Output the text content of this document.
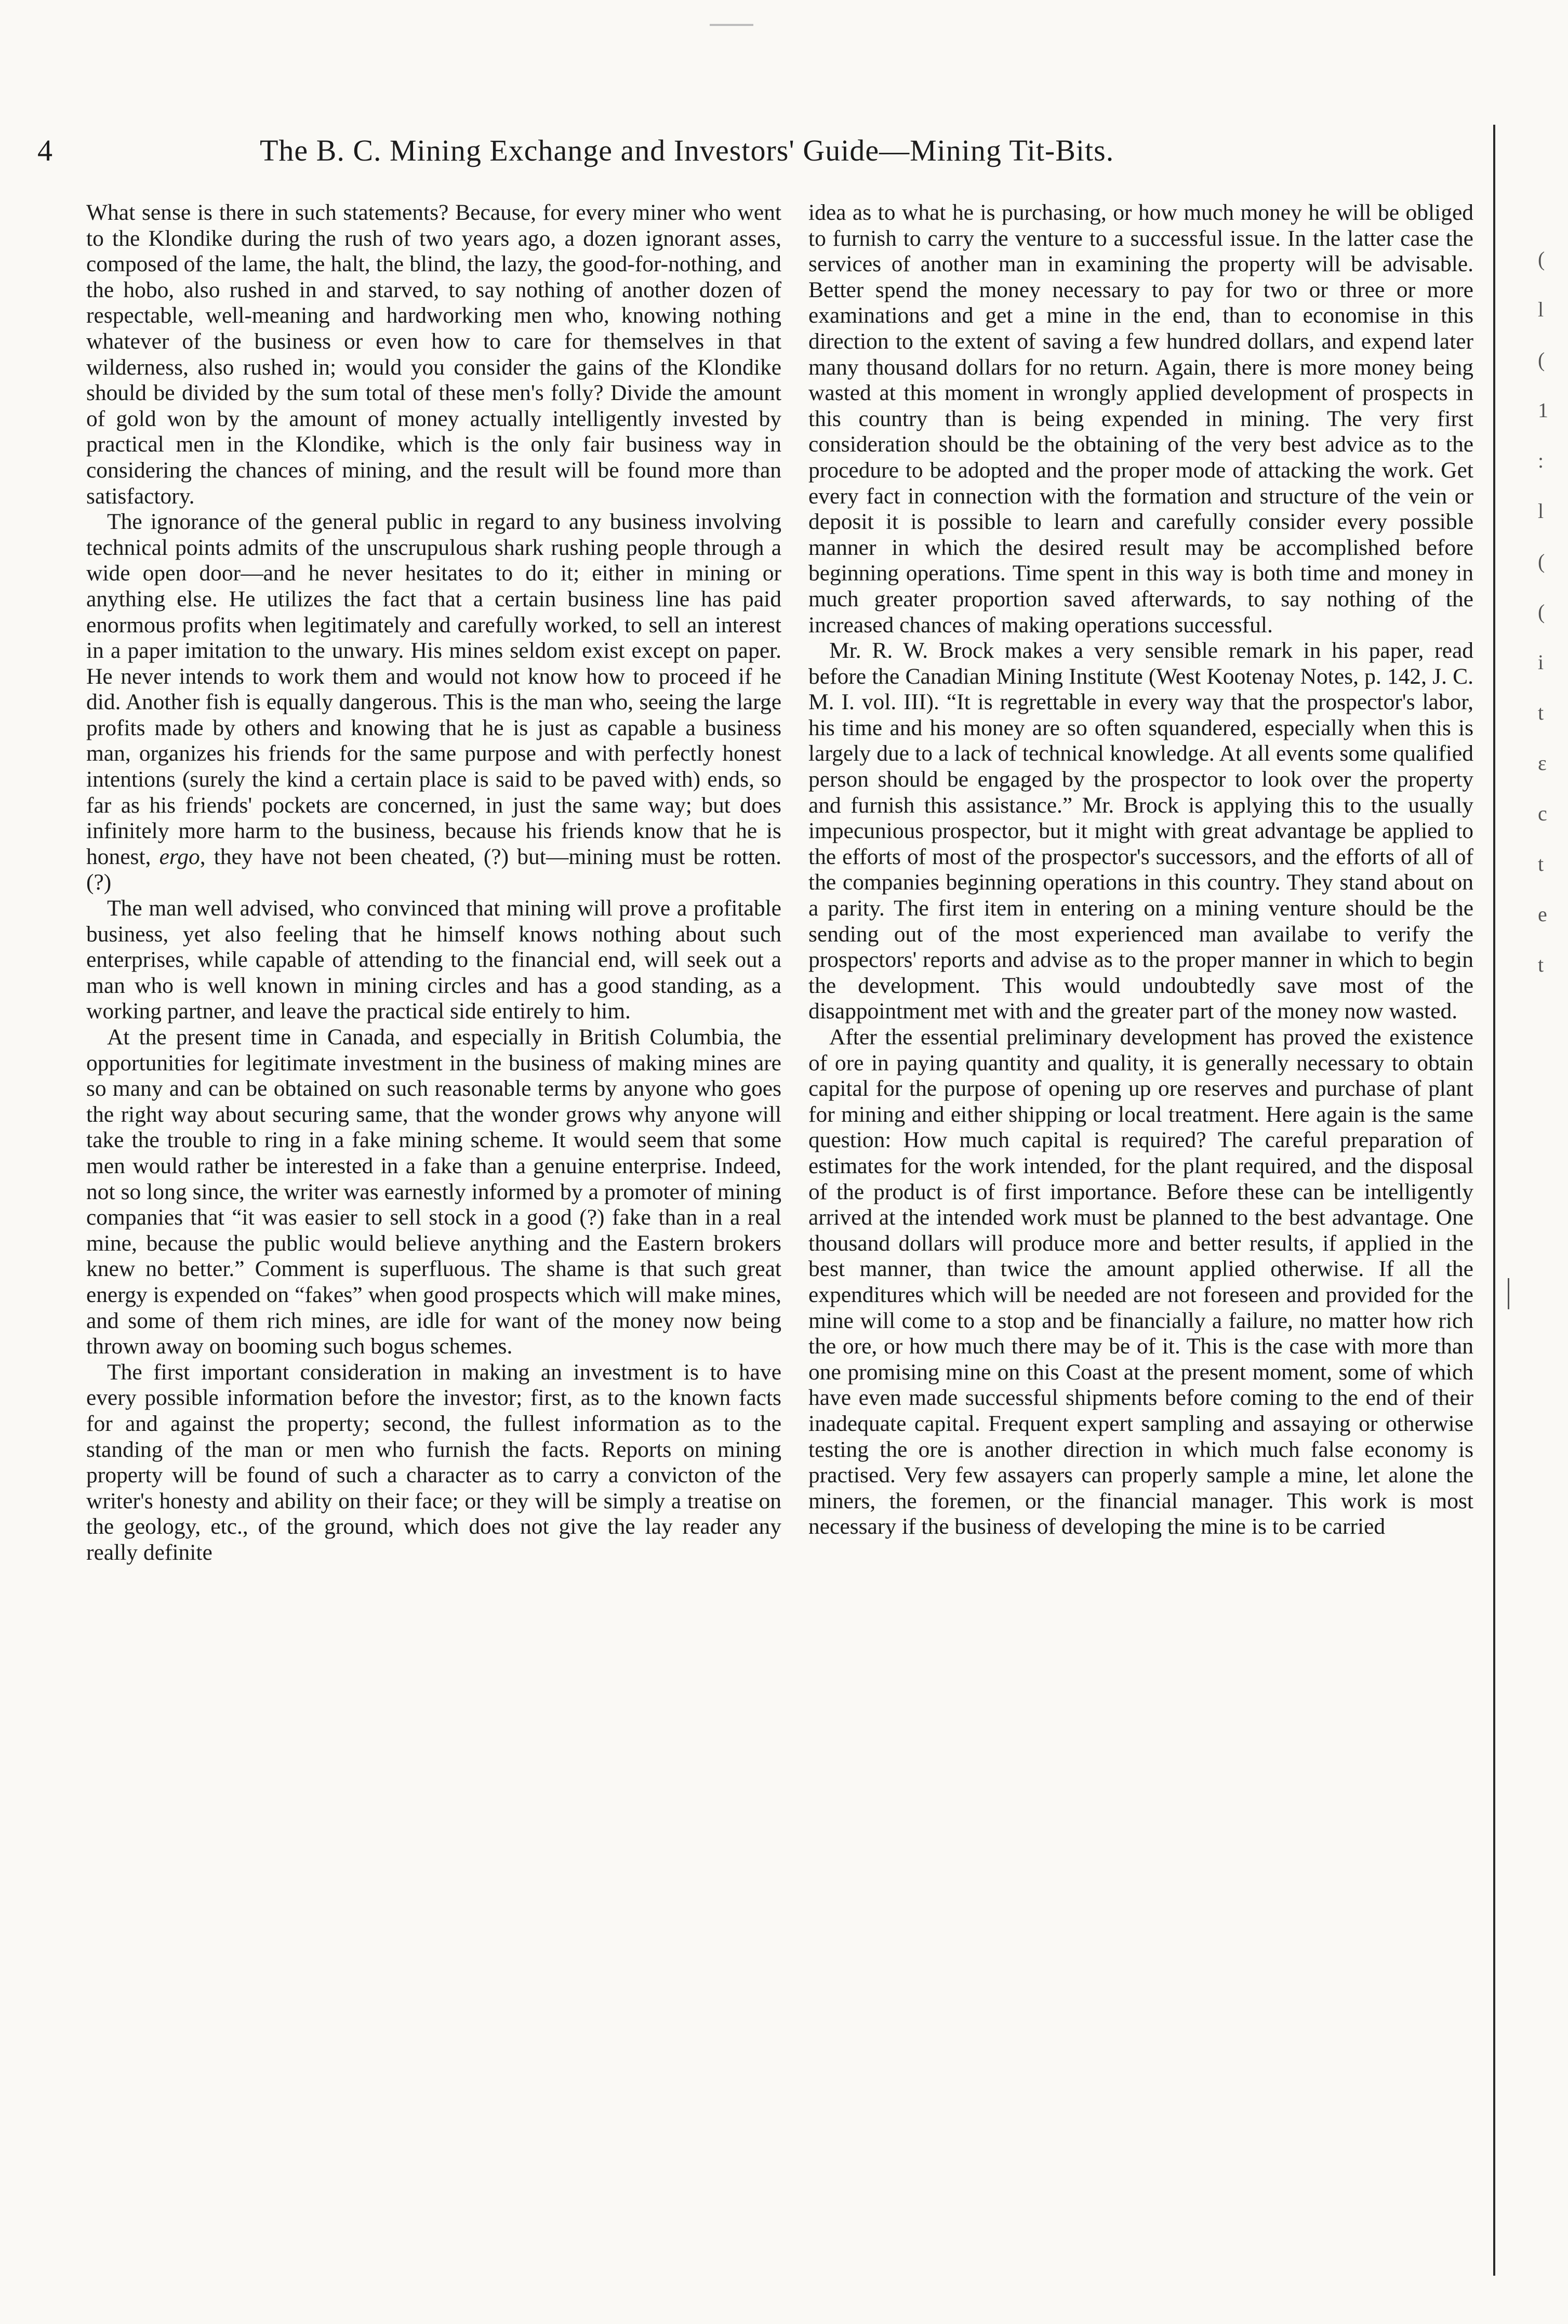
4	The B. C. Mining Exchange and Investors' Guide—Mining Tit-Bits.

What sense is there in such statements? Because, for every miner who went to the Klondike during the rush of two years ago, a dozen ignorant asses, composed of the lame, the halt, the blind, the lazy, the good-for-nothing, and the hobo, also rushed in and starved, to say nothing of another dozen of respectable, well-meaning and hardworking men who, knowing nothing whatever of the business or even how to care for themselves in that wilderness, also rushed in; would you consider the gains of the Klondike should be divided by the sum total of these men's folly? Divide the amount of gold won by the amount of money actually intelligently invested by practical men in the Klondike, which is the only fair business way in considering the chances of mining, and the result will be found more than satisfactory.

The ignorance of the general public in regard to any business involving technical points admits of the unscrupulous shark rushing people through a wide open door—and he never hesitates to do it; either in mining or anything else. He utilizes the fact that a certain business line has paid enormous profits when legitimately and carefully worked, to sell an interest in a paper imitation to the unwary. His mines seldom exist except on paper. He never intends to work them and would not know how to proceed if he did. Another fish is equally dangerous. This is the man who, seeing the large profits made by others and knowing that he is just as capable a business man, organizes his friends for the same purpose and with perfectly honest intentions (surely the kind a certain place is said to be paved with) ends, so far as his friends' pockets are concerned, in just the same way; but does infinitely more harm to the business, because his friends know that he is honest, ergo, they have not been cheated, (?) but—mining must be rotten. (?)

The man well advised, who convinced that mining will prove a profitable business, yet also feeling that he himself knows nothing about such enterprises, while capable of attending to the financial end, will seek out a man who is well known in mining circles and has a good standing, as a working partner, and leave the practical side entirely to him.

At the present time in Canada, and especially in British Columbia, the opportunities for legitimate investment in the business of making mines are so many and can be obtained on such reasonable terms by anyone who goes the right way about securing same, that the wonder grows why anyone will take the trouble to ring in a fake mining scheme. It would seem that some men would rather be interested in a fake than a genuine enterprise. Indeed, not so long since, the writer was earnestly informed by a promoter of mining companies that “it was easier to sell stock in a good (?) fake than in a real mine, because the public would believe anything and the Eastern brokers knew no better.” Comment is superfluous. The shame is that such great energy is expended on “fakes” when good prospects which will make mines, and some of them rich mines, are idle for want of the money now being thrown away on booming such bogus schemes.

The first important consideration in making an investment is to have every possible information before the investor; first, as to the known facts for and against the property; second, the fullest information as to the standing of the man or men who furnish the facts. Reports on mining property will be found of such a character as to carry a convicton of the writer's honesty and ability on their face; or they will be simply a treatise on the geology, etc., of the ground, which does not give the lay reader any really definite

idea as to what he is purchasing, or how much money he will be obliged to furnish to carry the venture to a successful issue. In the latter case the services of another man in examining the property will be advisable. Better spend the money necessary to pay for two or three or more examinations and get a mine in the end, than to economise in this direction to the extent of saving a few hundred dollars, and expend later many thousand dollars for no return. Again, there is more money being wasted at this moment in wrongly applied development of prospects in this country than is being expended in mining. The very first consideration should be the obtaining of the very best advice as to the procedure to be adopted and the proper mode of attacking the work. Get every fact in connection with the formation and structure of the vein or deposit it is possible to learn and carefully consider every possible manner in which the desired result may be accomplished before beginning operations. Time spent in this way is both time and money in much greater proportion saved afterwards, to say nothing of the increased chances of making operations successful.

Mr. R. W. Brock makes a very sensible remark in his paper, read before the Canadian Mining Institute (West Kootenay Notes, p. 142, J. C. M. I. vol. III). “It is regrettable in every way that the prospector's labor, his time and his money are so often squandered, especially when this is largely due to a lack of technical knowledge. At all events some qualified person should be engaged by the prospector to look over the property and furnish this assistance.” Mr. Brock is applying this to the usually impecunious prospector, but it might with great advantage be applied to the efforts of most of the prospector's successors, and the efforts of all of the companies beginning operations in this country. They stand about on a parity. The first item in entering on a mining venture should be the sending out of the most experienced man availabe to verify the prospectors' reports and advise as to the proper manner in which to begin the development. This would undoubtedly save most of the disappointment met with and the greater part of the money now wasted.

After the essential preliminary development has proved the existence of ore in paying quantity and quality, it is generally necessary to obtain capital for the purpose of opening up ore reserves and purchase of plant for mining and either shipping or local treatment. Here again is the same question: How much capital is required? The careful preparation of estimates for the work intended, for the plant required, and the disposal of the product is of first importance. Before these can be intelligently arrived at the intended work must be planned to the best advantage. One thousand dollars will produce more and better results, if applied in the best manner, than twice the amount applied otherwise. If all the expenditures which will be needed are not foreseen and provided for the mine will come to a stop and be financially a failure, no matter how rich the ore, or how much there may be of it. This is the case with more than one promising mine on this Coast at the present moment, some of which have even made successful shipments before coming to the end of their inadequate capital. Frequent expert sampling and assaying or otherwise testing the ore is another direction in which much false economy is practised. Very few assayers can properly sample a mine, let alone the miners, the foremen, or the financial manager. This work is most necessary if the business of developing the mine is to be carried

(
l
(
1
:
l
(
(
i
t
ɛ
c
t
e
t
